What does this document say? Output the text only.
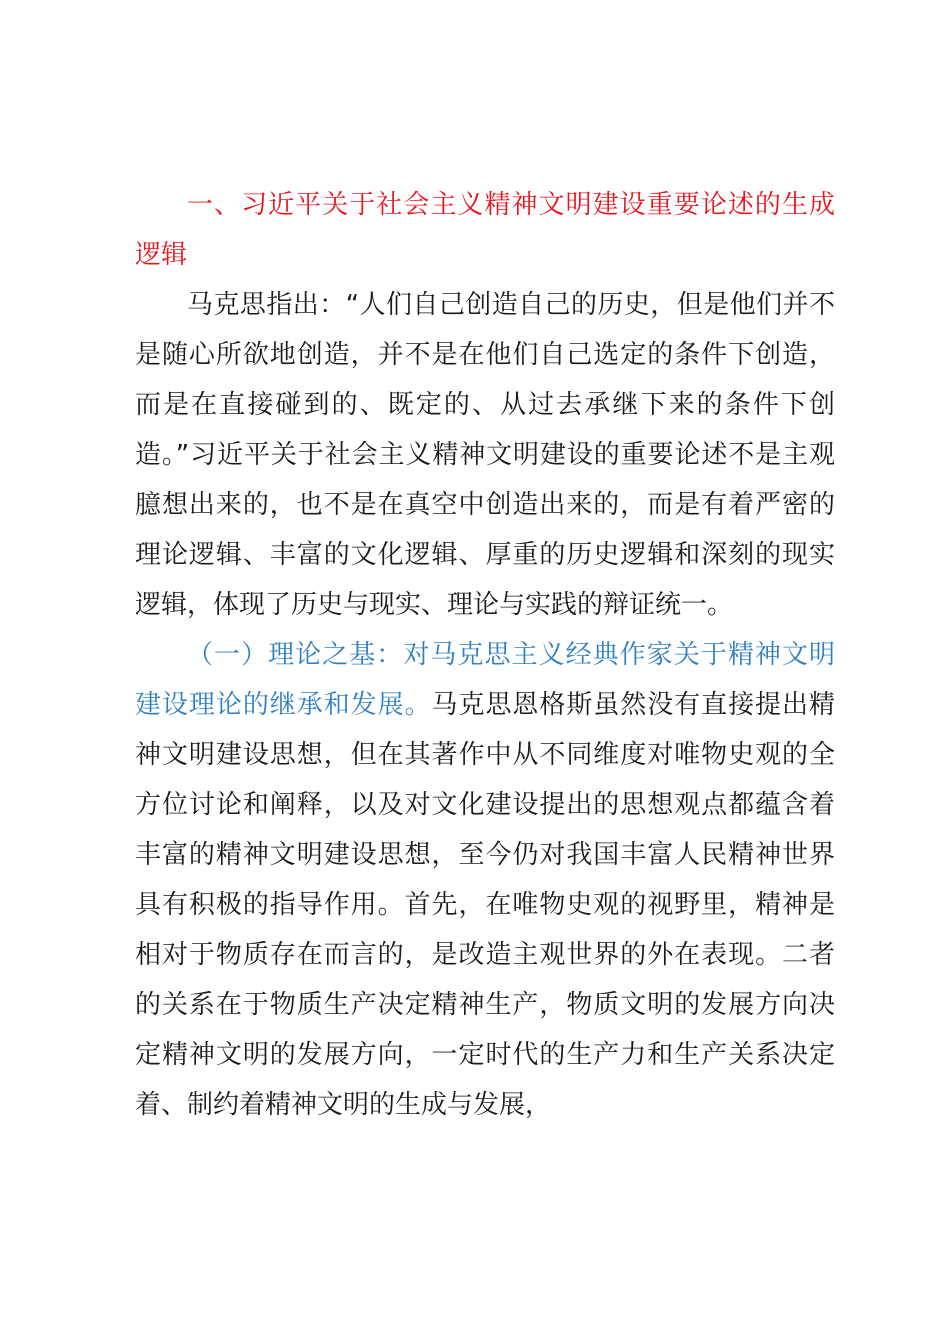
一、习近平关于社会主义精神文明建设重要论述的生成逻辑

马克思指出：“人们自己创造自己的历史，但是他们并不是随心所欲地创造，并不是在他们自己选定的条件下创造，而是在直接碰到的、既定的、从过去承继下来的条件下创造。”习近平关于社会主义精神文明建设的重要论述不是主观臆想出来的，也不是在真空中创造出来的，而是有着严密的理论逻辑、丰富的文化逻辑、厚重的历史逻辑和深刻的现实逻辑，体现了历史与现实、理论与实践的辩证统一。

（一）理论之基：对马克思主义经典作家关于精神文明建设理论的继承和发展。马克思恩格斯虽然没有直接提出精神文明建设思想，但在其著作中从不同维度对唯物史观的全方位讨论和阐释，以及对文化建设提出的思想观点都蕴含着丰富的精神文明建设思想，至今仍对我国丰富人民精神世界具有积极的指导作用。首先，在唯物史观的视野里，精神是相对于物质存在而言的，是改造主观世界的外在表现。二者的关系在于物质生产决定精神生产，物质文明的发展方向决定精神文明的发展方向，一定时代的生产力和生产关系决定着、制约着精神文明的生成与发展，
